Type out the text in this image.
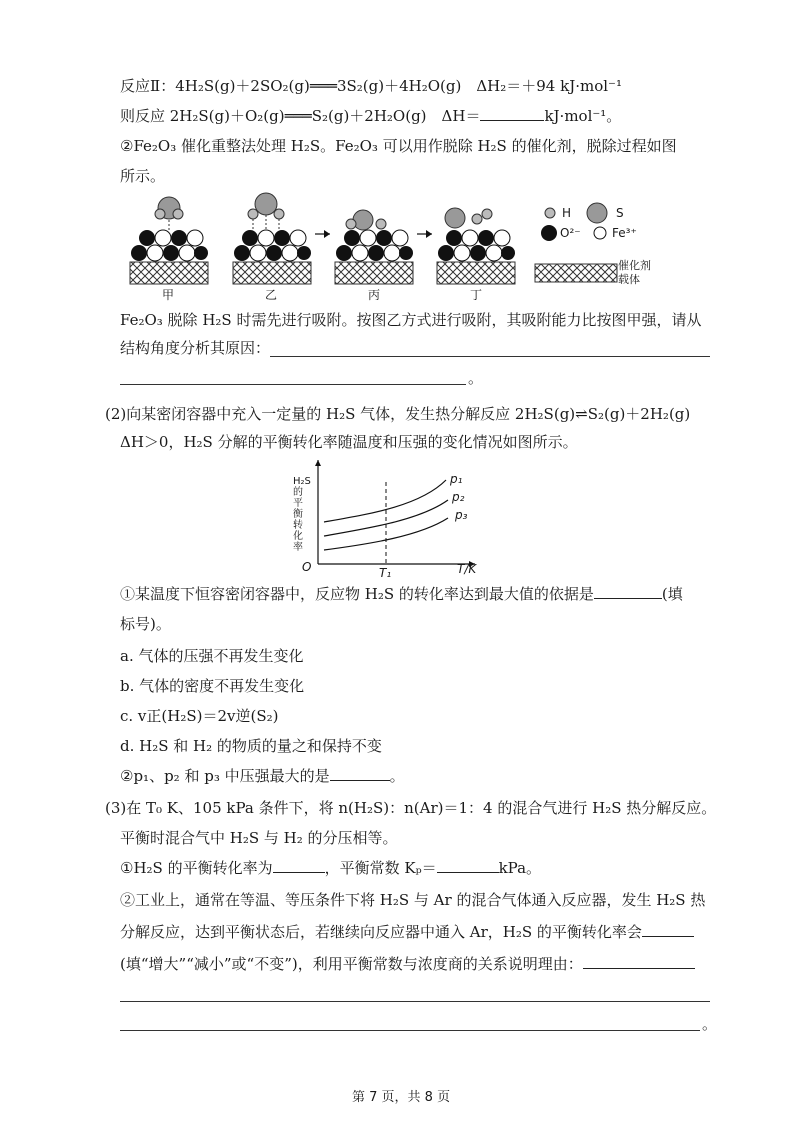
反应Ⅱ：4H₂S(g)＋2SO₂(g)═══3S₂(g)＋4H₂O(g)　ΔH₂＝＋94 kJ·mol⁻¹
则反应 2H₂S(g)＋O₂(g)═══S₂(g)＋2H₂O(g)　ΔH＝	kJ·mol⁻¹。
②Fe₂O₃ 催化重整法处理 H₂S。Fe₂O₃ 可以用作脱除 H₂S 的催化剂，脱除过程如图
所示。
H	S
O²⁻	Fe³⁺
催化剂载体
甲	乙	丙	丁
Fe₂O₃ 脱除 H₂S 时需先进行吸附。按图乙方式进行吸附，其吸附能力比按图甲强，请从
结构角度分析其原因：
。
(2)向某密闭容器中充入一定量的 H₂S 气体，发生热分解反应 2H₂S(g)⇌S₂(g)＋2H₂(g)
ΔH＞0，H₂S 分解的平衡转化率随温度和压强的变化情况如图所示。
H₂S的平衡转化率
O	T₁	T/K
p₁
p₂
p₃
①某温度下恒容密闭容器中，反应物 H₂S 的转化率达到最大值的依据是	(填
标号)。
a. 气体的压强不再发生变化
b. 气体的密度不再发生变化
c. v正(H₂S)＝2v逆(S₂)
d. H₂S 和 H₂ 的物质的量之和保持不变
②p₁、p₂ 和 p₃ 中压强最大的是	。
(3)在 T₀ K、105 kPa 条件下，将 n(H₂S)：n(Ar)＝1：4 的混合气进行 H₂S 热分解反应。
平衡时混合气中 H₂S 与 H₂ 的分压相等。
①H₂S 的平衡转化率为	，平衡常数 Kₚ＝	kPa。
②工业上，通常在等温、等压条件下将 H₂S 与 Ar 的混合气体通入反应器，发生 H₂S 热
分解反应，达到平衡状态后，若继续向反应器中通入 Ar，H₂S 的平衡转化率会
(填“增大”“减小”或“不变”)，利用平衡常数与浓度商的关系说明理由：
。
第 7 页，共 8 页
